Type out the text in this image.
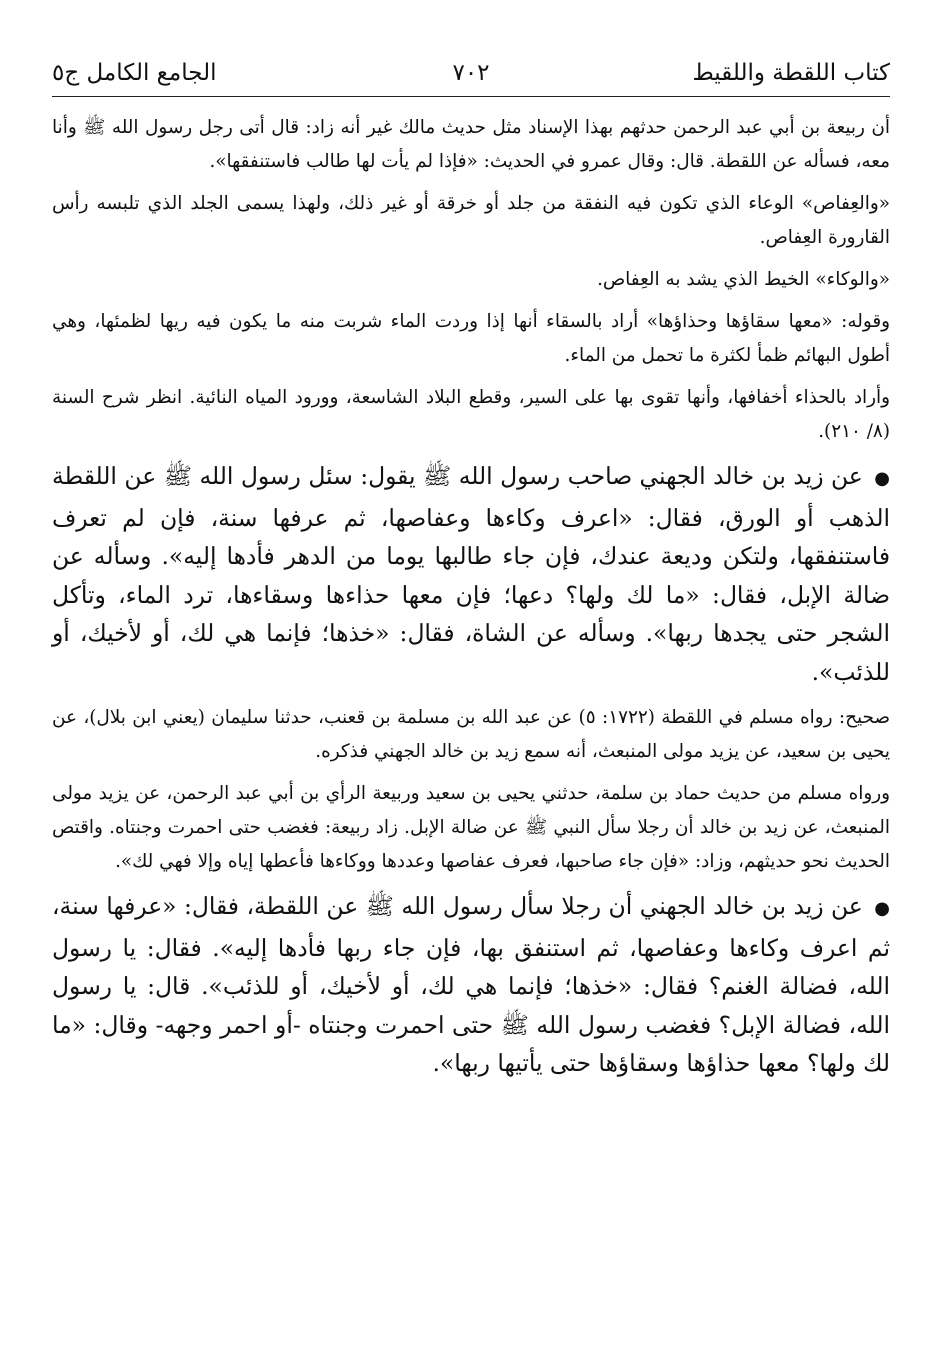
كتاب اللقطة واللقيط
٧٠٢
الجامع الكامل ج٥

أن ربيعة بن أبي عبد الرحمن حدثهم بهذا الإسناد مثل حديث مالك غير أنه زاد: قال أتى رجل رسول الله ﷺ وأنا معه، فسأله عن اللقطة. قال: وقال عمرو في الحديث: «فإذا لم يأت لها طالب فاستنفقها».

«والعِفاص» الوعاء الذي تكون فيه النفقة من جلد أو خرقة أو غير ذلك، ولهذا يسمى الجلد الذي تلبسه رأس القارورة العِفاص.

«والوكاء» الخيط الذي يشد به العِفاص.

وقوله: «معها سقاؤها وحذاؤها» أراد بالسقاء أنها إذا وردت الماء شربت منه ما يكون فيه ريها لظمئها، وهي أطول البهائم ظمأ لكثرة ما تحمل من الماء.

وأراد بالحذاء أخفافها، وأنها تقوى بها على السير، وقطع البلاد الشاسعة، وورود المياه النائية. انظر شرح السنة (٨/ ٢١٠).

● عن زيد بن خالد الجهني صاحب رسول الله ﷺ يقول: سئل رسول الله ﷺ عن اللقطة الذهب أو الورق، فقال: «اعرف وكاءها وعفاصها، ثم عرفها سنة، فإن لم تعرف فاستنفقها، ولتكن وديعة عندك، فإن جاء طالبها يوما من الدهر فأدها إليه». وسأله عن ضالة الإبل، فقال: «ما لك ولها؟ دعها؛ فإن معها حذاءها وسقاءها، ترد الماء، وتأكل الشجر حتى يجدها ربها». وسأله عن الشاة، فقال: «خذها؛ فإنما هي لك، أو لأخيك، أو للذئب».

صحيح: رواه مسلم في اللقطة (١٧٢٢: ٥) عن عبد الله بن مسلمة بن قعنب، حدثنا سليمان (يعني ابن بلال)، عن يحيى بن سعيد، عن يزيد مولى المنبعث، أنه سمع زيد بن خالد الجهني فذكره.

ورواه مسلم من حديث حماد بن سلمة، حدثني يحيى بن سعيد وربيعة الرأي بن أبي عبد الرحمن، عن يزيد مولى المنبعث، عن زيد بن خالد أن رجلا سأل النبي ﷺ عن ضالة الإبل. زاد ربيعة: فغضب حتى احمرت وجنتاه. واقتص الحديث نحو حديثهم، وزاد: «فإن جاء صاحبها، فعرف عفاصها وعددها ووكاءها فأعطها إياه وإلا فهي لك».

● عن زيد بن خالد الجهني أن رجلا سأل رسول الله ﷺ عن اللقطة، فقال: «عرفها سنة، ثم اعرف وكاءها وعفاصها، ثم استنفق بها، فإن جاء ربها فأدها إليه». فقال: يا رسول الله، فضالة الغنم؟ فقال: «خذها؛ فإنما هي لك، أو لأخيك، أو للذئب». قال: يا رسول الله، فضالة الإبل؟ فغضب رسول الله ﷺ حتى احمرت وجنتاه -أو احمر وجهه- وقال: «ما لك ولها؟ معها حذاؤها وسقاؤها حتى يأتيها ربها».
